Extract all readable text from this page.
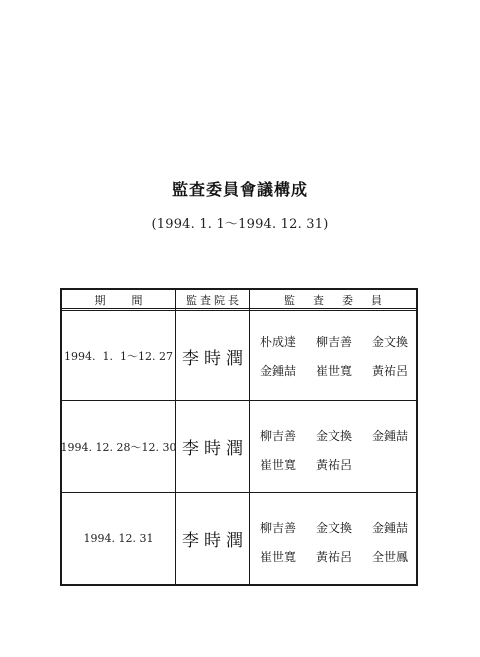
監査委員會議構成
(1994. 1. 1～1994. 12. 31)
期間 監査院長	監査委員
1994.  1.  1～12. 27 李時潤
朴成達	柳吉善	金文換
金鍾喆	崔世寬	黃祐呂
1994. 12. 28～12. 30 李時潤
柳吉善	金文換	金鍾喆
崔世寬	黃祐呂
1994. 12. 31	李時潤
柳吉善	金文換	金鍾喆
崔世寬	黃祐呂	全世鳳
